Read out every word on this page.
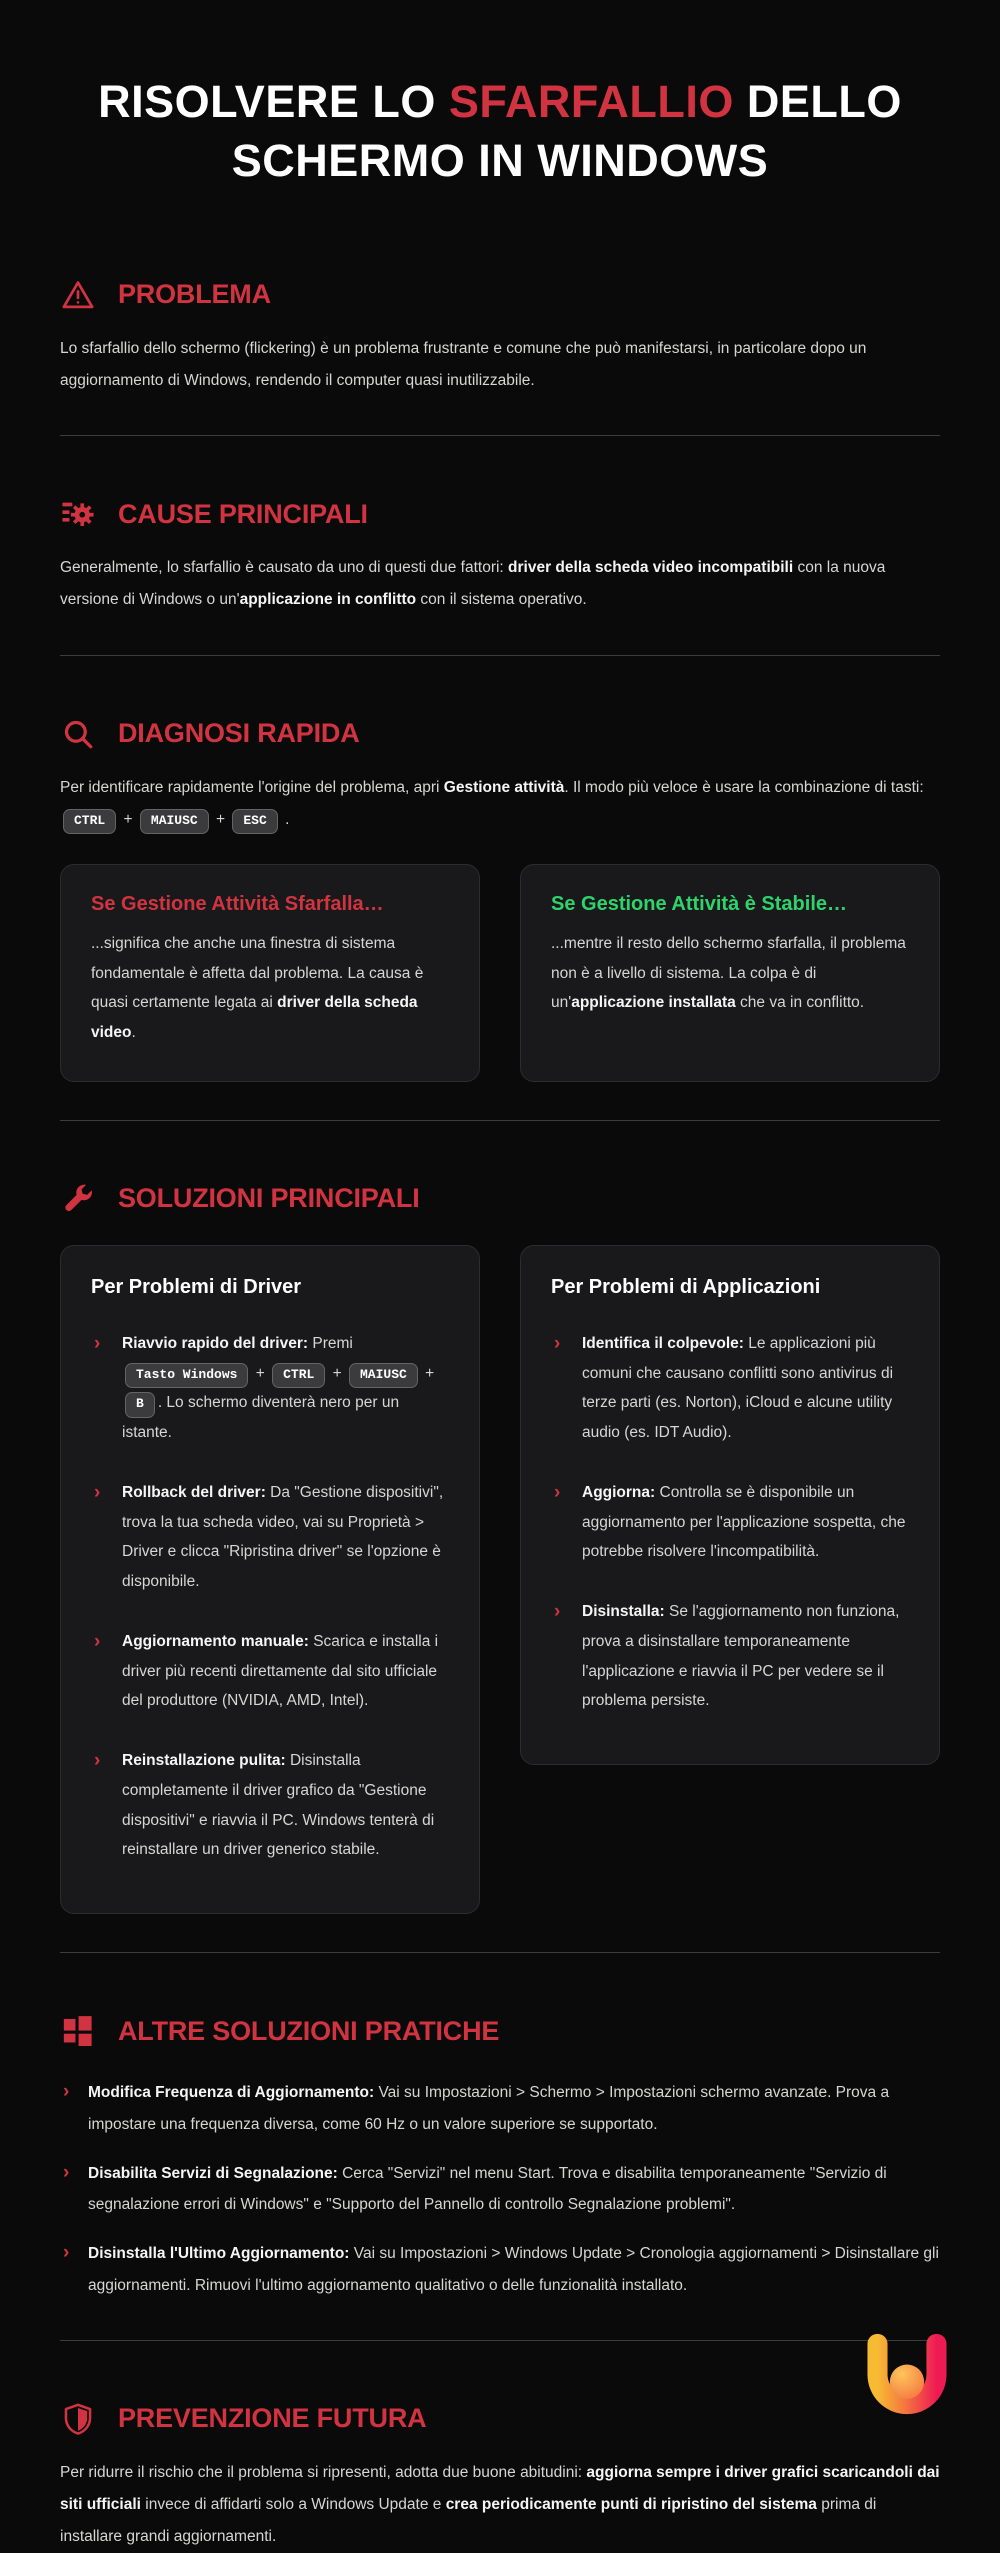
RISOLVERE LO SFARFALLIO DELLO SCHERMO IN WINDOWS
PROBLEMA

Lo sfarfallio dello schermo (flickering) è un problema frustrante e comune che può manifestarsi, in particolare dopo un aggiornamento di Windows, rendendo il computer quasi inutilizzabile.

CAUSE PRINCIPALI

Generalmente, lo sfarfallio è causato da uno di questi due fattori: driver della scheda video incompatibili con la nuova versione di Windows o un'applicazione in conflitto con il sistema operativo.

DIAGNOSI RAPIDA

Per identificare rapidamente l'origine del problema, apri Gestione attività. Il modo più veloce è usare la combinazione di tasti: CTRL + MAIUSC + ESC .

Se Gestione Attività Sfarfalla…

...significa che anche una finestra di sistema fondamentale è affetta dal problema. La causa è quasi certamente legata ai driver della scheda video.

Se Gestione Attività è Stabile…

...mentre il resto dello schermo sfarfalla, il problema non è a livello di sistema. La colpa è di un'applicazione installata che va in conflitto.

SOLUZIONI PRINCIPALI
Per Problemi di Driver
› Riavvio rapido del driver: Premi Tasto Windows + CTRL + MAIUSC + B . Lo schermo diventerà nero per un istante.
› Rollback del driver: Da "Gestione dispositivi", trova la tua scheda video, vai su Proprietà > Driver e clicca "Ripristina driver" se l'opzione è disponibile.
› Aggiornamento manuale: Scarica e installa i driver più recenti direttamente dal sito ufficiale del produttore (NVIDIA, AMD, Intel).
› Reinstallazione pulita: Disinstalla completamente il driver grafico da "Gestione dispositivi" e riavvia il PC. Windows tenterà di reinstallare un driver generico stabile.
Per Problemi di Applicazioni
› Identifica il colpevole: Le applicazioni più comuni che causano conflitti sono antivirus di terze parti (es. Norton), iCloud e alcune utility audio (es. IDT Audio).
› Aggiorna: Controlla se è disponibile un aggiornamento per l'applicazione sospetta, che potrebbe risolvere l'incompatibilità.
› Disinstalla: Se l'aggiornamento non funziona, prova a disinstallare temporaneamente l'applicazione e riavvia il PC per vedere se il problema persiste.
ALTRE SOLUZIONI PRATICHE
› Modifica Frequenza di Aggiornamento: Vai su Impostazioni > Schermo > Impostazioni schermo avanzate. Prova a impostare una frequenza diversa, come 60 Hz o un valore superiore se supportato.
› Disabilita Servizi di Segnalazione: Cerca "Servizi" nel menu Start. Trova e disabilita temporaneamente "Servizio di segnalazione errori di Windows" e "Supporto del Pannello di controllo Segnalazione problemi".
› Disinstalla l'Ultimo Aggiornamento: Vai su Impostazioni > Windows Update > Cronologia aggiornamenti > Disinstallare gli aggiornamenti. Rimuovi l'ultimo aggiornamento qualitativo o delle funzionalità installato.
PREVENZIONE FUTURA

Per ridurre il rischio che il problema si ripresenti, adotta due buone abitudini: aggiorna sempre i driver grafici scaricandoli dai siti ufficiali invece di affidarti solo a Windows Update e crea periodicamente punti di ripristino del sistema prima di installare grandi aggiornamenti.
